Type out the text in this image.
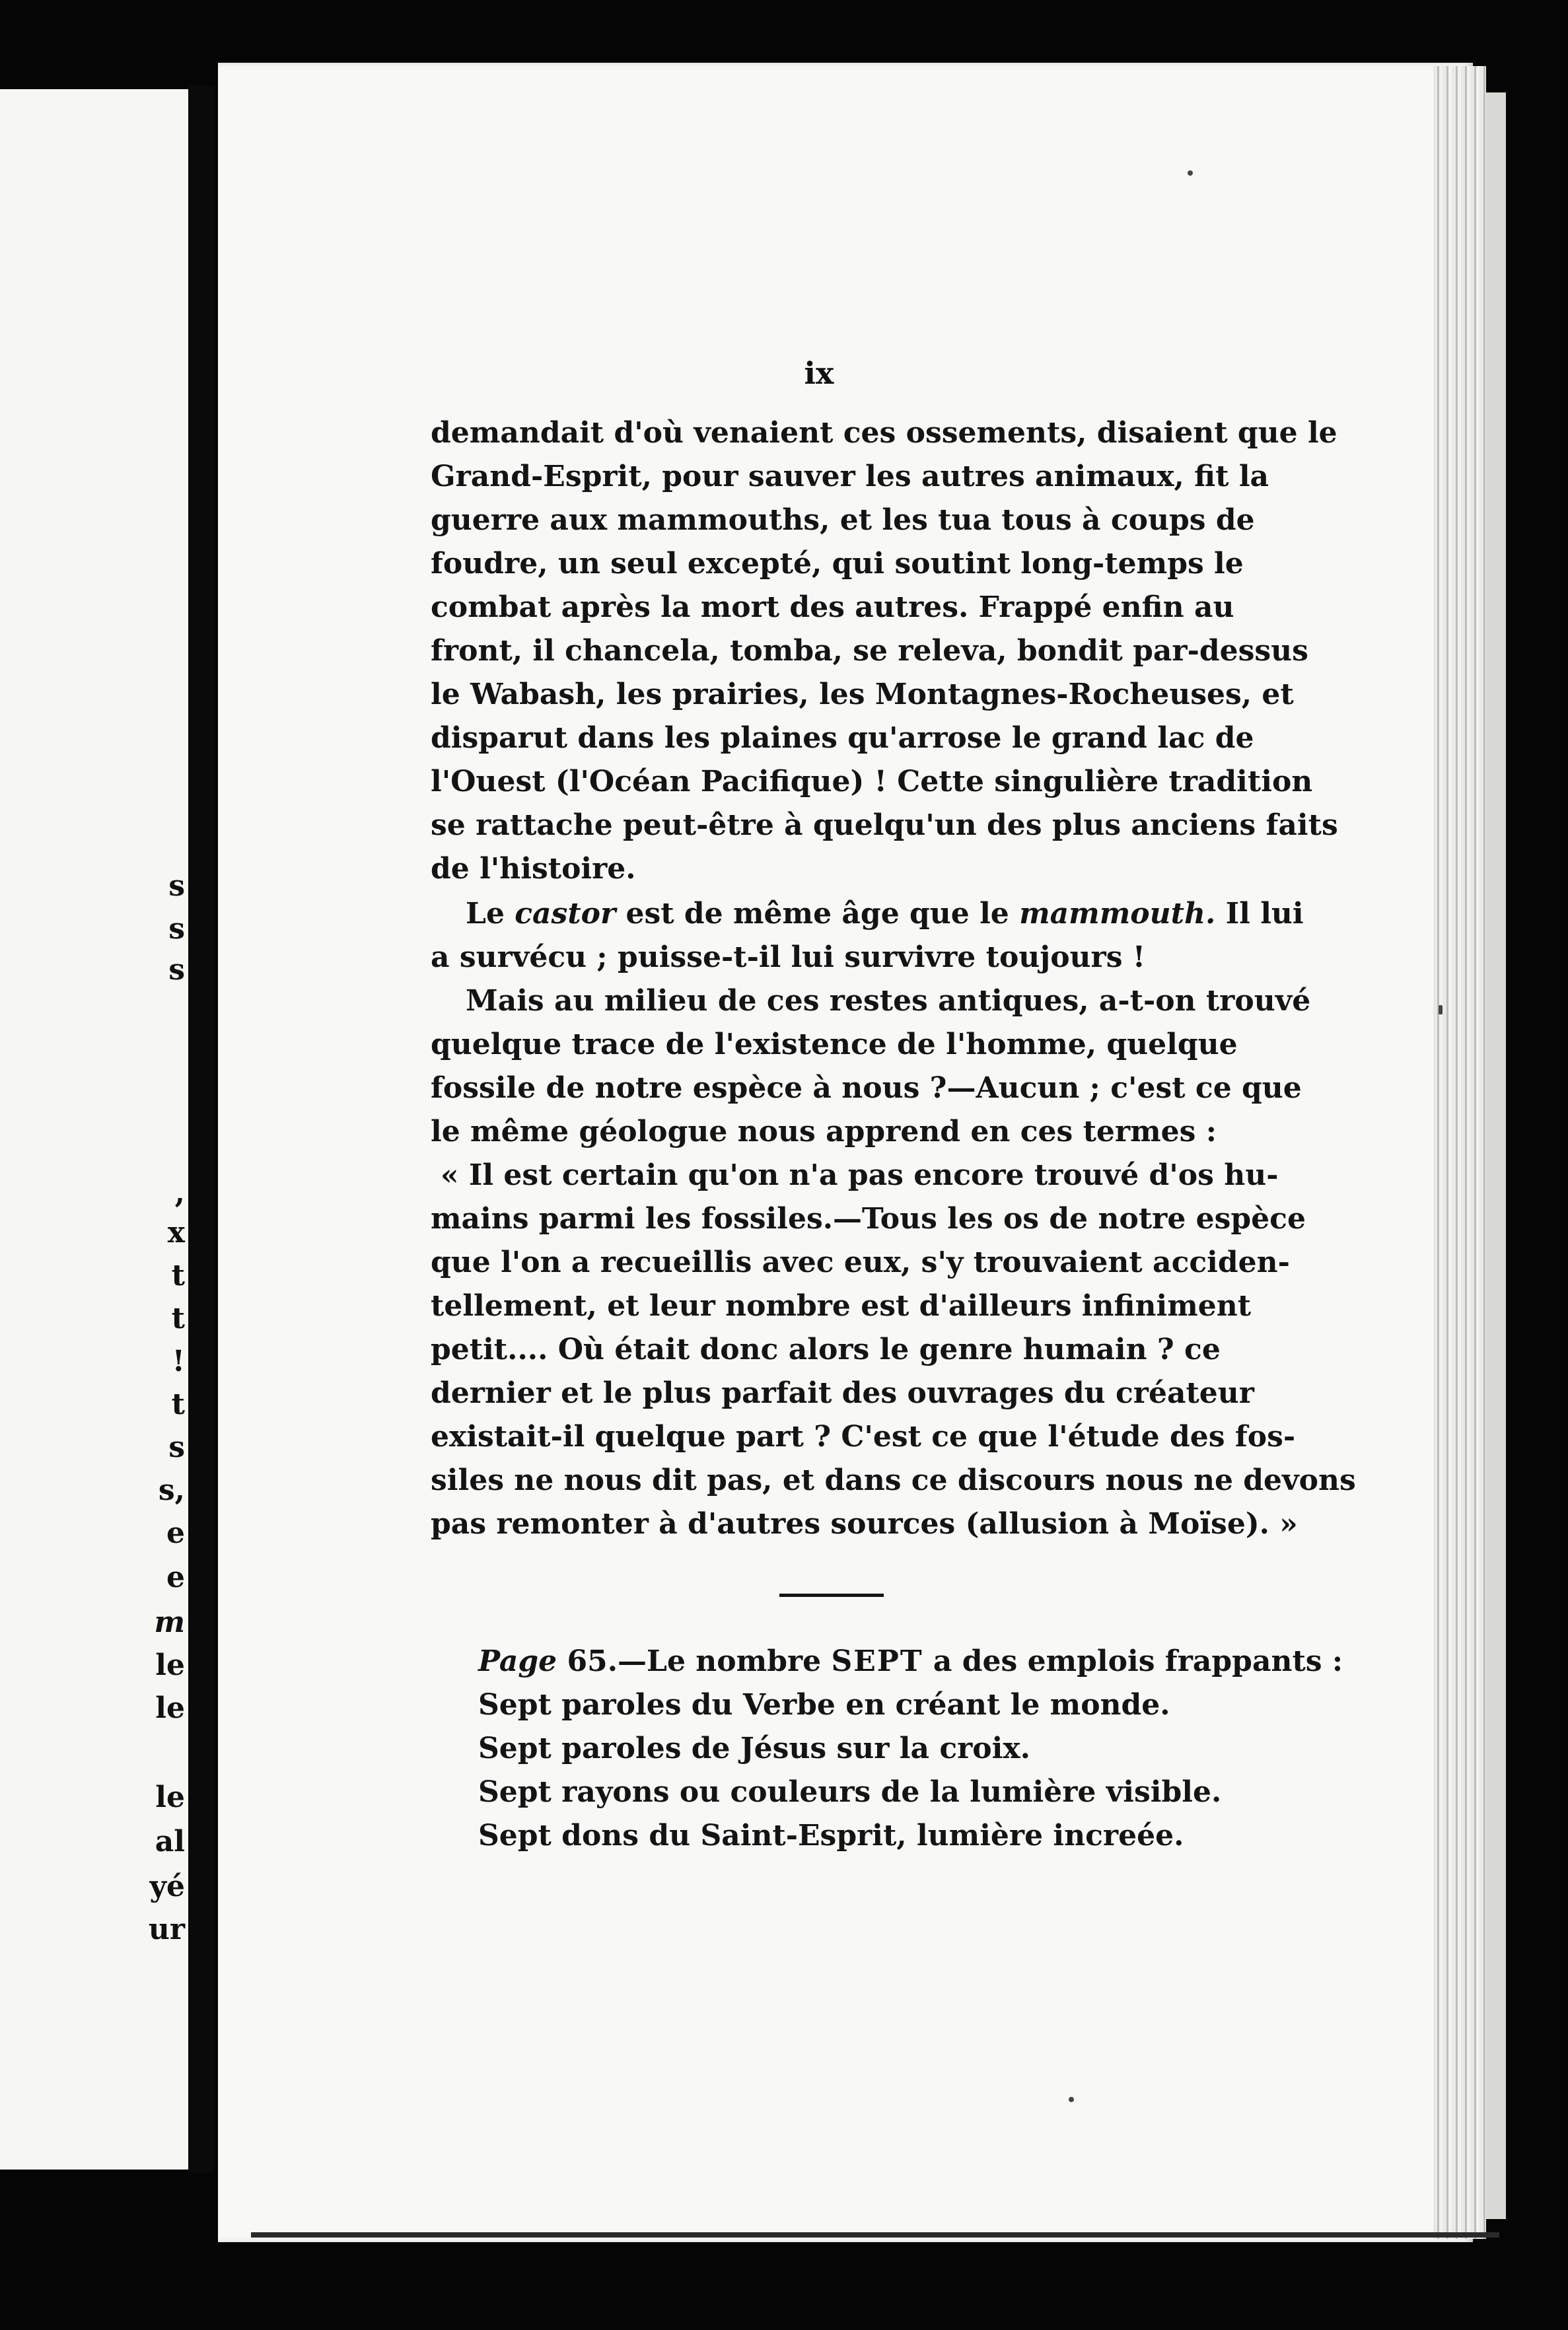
s
s
s
,
x
t
t
!
t
s
s,
e
e
m
le
le
le
al
yé
ur
ix
demandait d'où venaient ces ossements, disaient que le
Grand-Esprit, pour sauver les autres animaux, fit la
guerre aux mammouths, et les tua tous à coups de
foudre, un seul excepté, qui soutint long-temps le
combat après la mort des autres. Frappé enfin au
front, il chancela, tomba, se releva, bondit par-dessus
le Wabash, les prairies, les Montagnes-Rocheuses, et
disparut dans les plaines qu'arrose le grand lac de
l'Ouest (l'Océan Pacifique) ! Cette singulière tradition
se rattache peut-être à quelqu'un des plus anciens faits
de l'histoire.
Le castor est de même âge que le mammouth. Il lui
a survécu ; puisse-t-il lui survivre toujours !
Mais au milieu de ces restes antiques, a-t-on trouvé
quelque trace de l'existence de l'homme, quelque
fossile de notre espèce à nous ?—Aucun ; c'est ce que
le même géologue nous apprend en ces termes :
« Il est certain qu'on n'a pas encore trouvé d'os hu-
mains parmi les fossiles.—Tous les os de notre espèce
que l'on a recueillis avec eux, s'y trouvaient acciden-
tellement, et leur nombre est d'ailleurs infiniment
petit.... Où était donc alors le genre humain ? ce
dernier et le plus parfait des ouvrages du créateur
existait-il quelque part ? C'est ce que l'étude des fos-
siles ne nous dit pas, et dans ce discours nous ne devons
pas remonter à d'autres sources (allusion à Moïse). »
Page 65.—Le nombre SEPT a des emplois frappants :
Sept paroles du Verbe en créant le monde.
Sept paroles de Jésus sur la croix.
Sept rayons ou couleurs de la lumière visible.
Sept dons du Saint-Esprit, lumière increée.
